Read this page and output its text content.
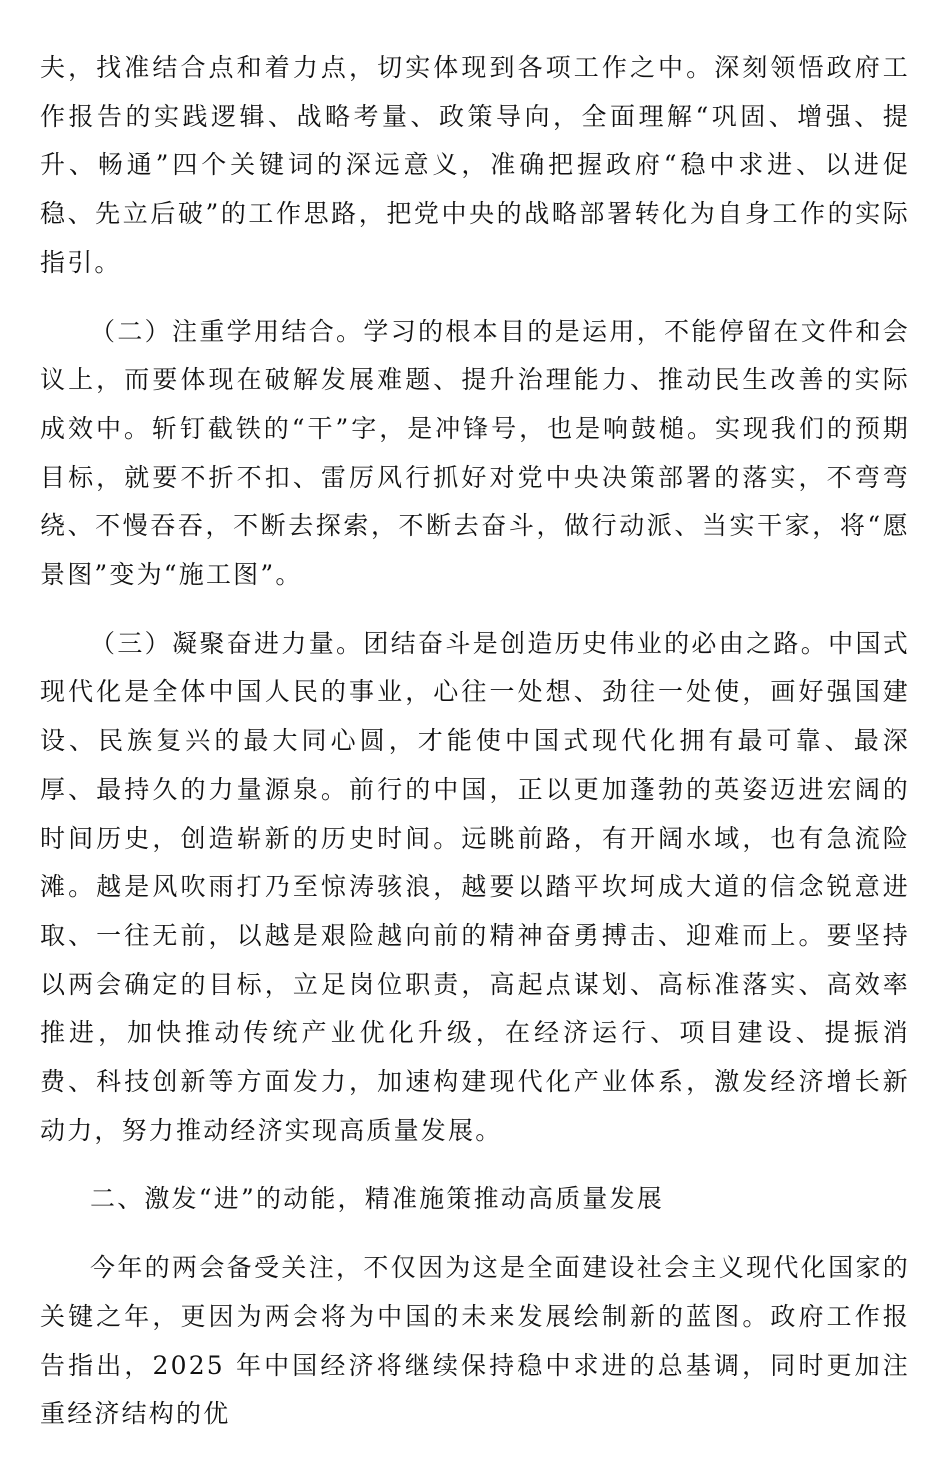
夫，找准结合点和着力点，切实体现到各项工作之中。深刻领悟政府工作报告的实践逻辑、战略考量、政策导向，全面理解“巩固、增强、提升、畅通”四个关键词的深远意义，准确把握政府“稳中求进、以进促稳、先立后破”的工作思路，把党中央的战略部署转化为自身工作的实际指引。

（二）注重学用结合。学习的根本目的是运用，不能停留在文件和会议上，而要体现在破解发展难题、提升治理能力、推动民生改善的实际成效中。斩钉截铁的“干”字，是冲锋号，也是响鼓槌。实现我们的预期目标，就要不折不扣、雷厉风行抓好对党中央决策部署的落实，不弯弯绕、不慢吞吞，不断去探索，不断去奋斗，做行动派、当实干家，将“愿景图”变为“施工图”。

（三）凝聚奋进力量。团结奋斗是创造历史伟业的必由之路。中国式现代化是全体中国人民的事业，心往一处想、劲往一处使，画好强国建设、民族复兴的最大同心圆，才能使中国式现代化拥有最可靠、最深厚、最持久的力量源泉。前行的中国，正以更加蓬勃的英姿迈进宏阔的时间历史，创造崭新的历史时间。远眺前路，有开阔水域，也有急流险滩。越是风吹雨打乃至惊涛骇浪，越要以踏平坎坷成大道的信念锐意进取、一往无前，以越是艰险越向前的精神奋勇搏击、迎难而上。要坚持以两会确定的目标，立足岗位职责，高起点谋划、高标准落实、高效率推进，加快推动传统产业优化升级，在经济运行、项目建设、提振消费、科技创新等方面发力，加速构建现代化产业体系，激发经济增长新动力，努力推动经济实现高质量发展。

二、激发“进”的动能，精准施策推动高质量发展

今年的两会备受关注，不仅因为这是全面建设社会主义现代化国家的关键之年，更因为两会将为中国的未来发展绘制新的蓝图。政府工作报告指出，2025 年中国经济将继续保持稳中求进的总基调，同时更加注重经济结构的优
